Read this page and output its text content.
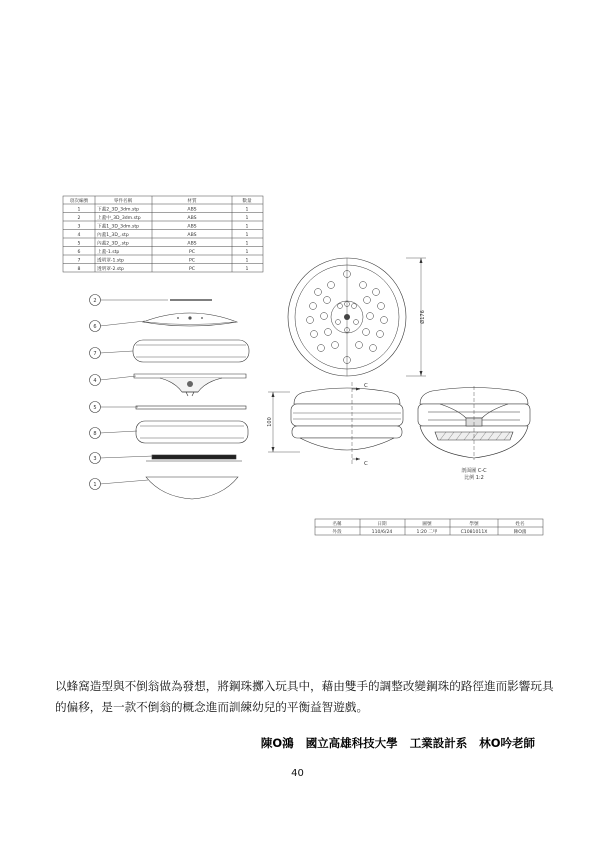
項次編號	零件名稱	材質	數量
1	下蓋2_3D_3dm.stp	ABS	1
2	上蓋中_3D_3dm.stp	ABS	1
3	下蓋1_3D_3dm.stp	ABS	1
4	內蓋1_3D_.stp	ABS	1
5	內蓋2_3D_.stp	ABS	1
6	上蓋-1.stp	PC	1
7	透明罩-1.stp	PC	1
8	透明罩-2.stp	PC	1
2
6
7
4
5
8
3
1
Ø176
100
C
C
剖面圖 C-C
比例 1:2
名稱	日期	圖號	學號	姓名
外殼	110/6/24	1:20 二甲	C1081011X	陳O鴻

以蜂窩造型與不倒翁做為發想，將鋼珠擲入玩具中，藉由雙手的調整改變鋼珠的路徑進而影響玩具的偏移，是一款不倒翁的概念進而訓練幼兒的平衡益智遊戲。

陳O鴻 國立高雄科技大學 工業設計系 林O吟老師
40
